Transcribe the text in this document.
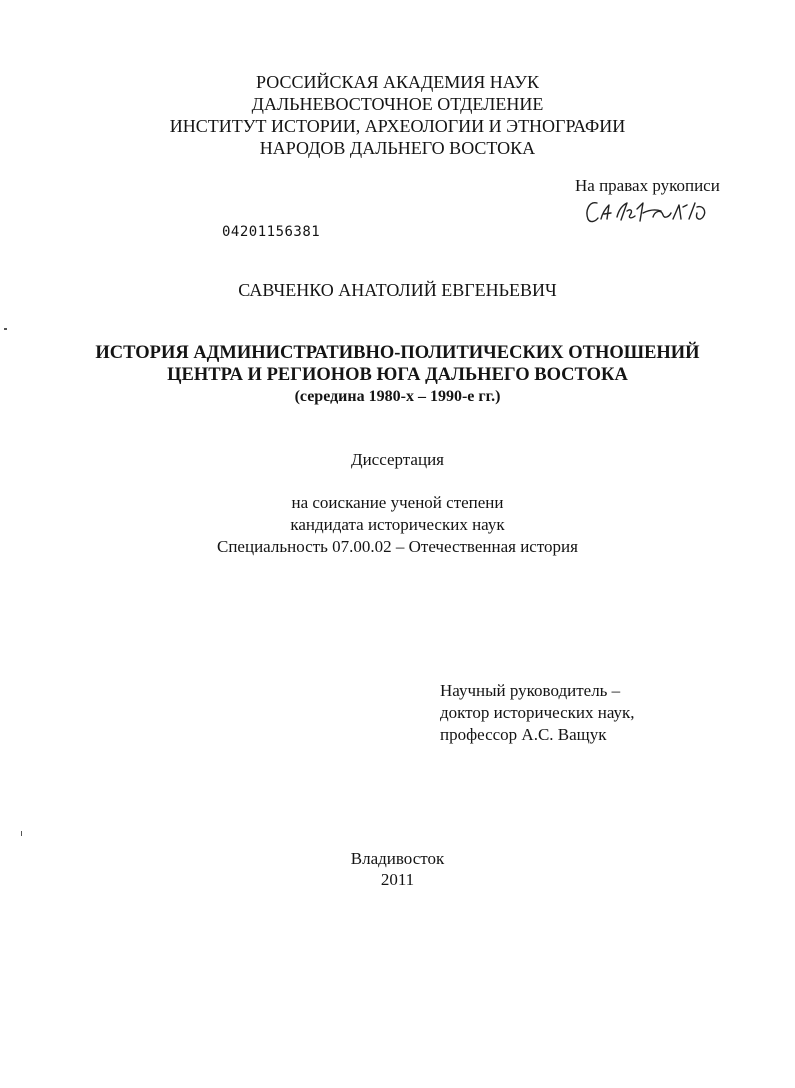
РОССИЙСКАЯ АКАДЕМИЯ НАУК
ДАЛЬНЕВОСТОЧНОЕ ОТДЕЛЕНИЕ
ИНСТИТУТ ИСТОРИИ, АРХЕОЛОГИИ И ЭТНОГРАФИИ
НАРОДОВ ДАЛЬНЕГО ВОСТОКА
На правах рукописи
04201156381
САВЧЕНКО АНАТОЛИЙ ЕВГЕНЬЕВИЧ
ИСТОРИЯ АДМИНИСТРАТИВНО-ПОЛИТИЧЕСКИХ ОТНОШЕНИЙ
ЦЕНТРА И РЕГИОНОВ ЮГА ДАЛЬНЕГО ВОСТОКА
(середина 1980-х – 1990-е гг.)
Диссертация
на соискание ученой степени
кандидата исторических наук
Специальность 07.00.02 – Отечественная история
Научный руководитель –
доктор исторических наук,
профессор А.С. Ващук
Владивосток
2011
